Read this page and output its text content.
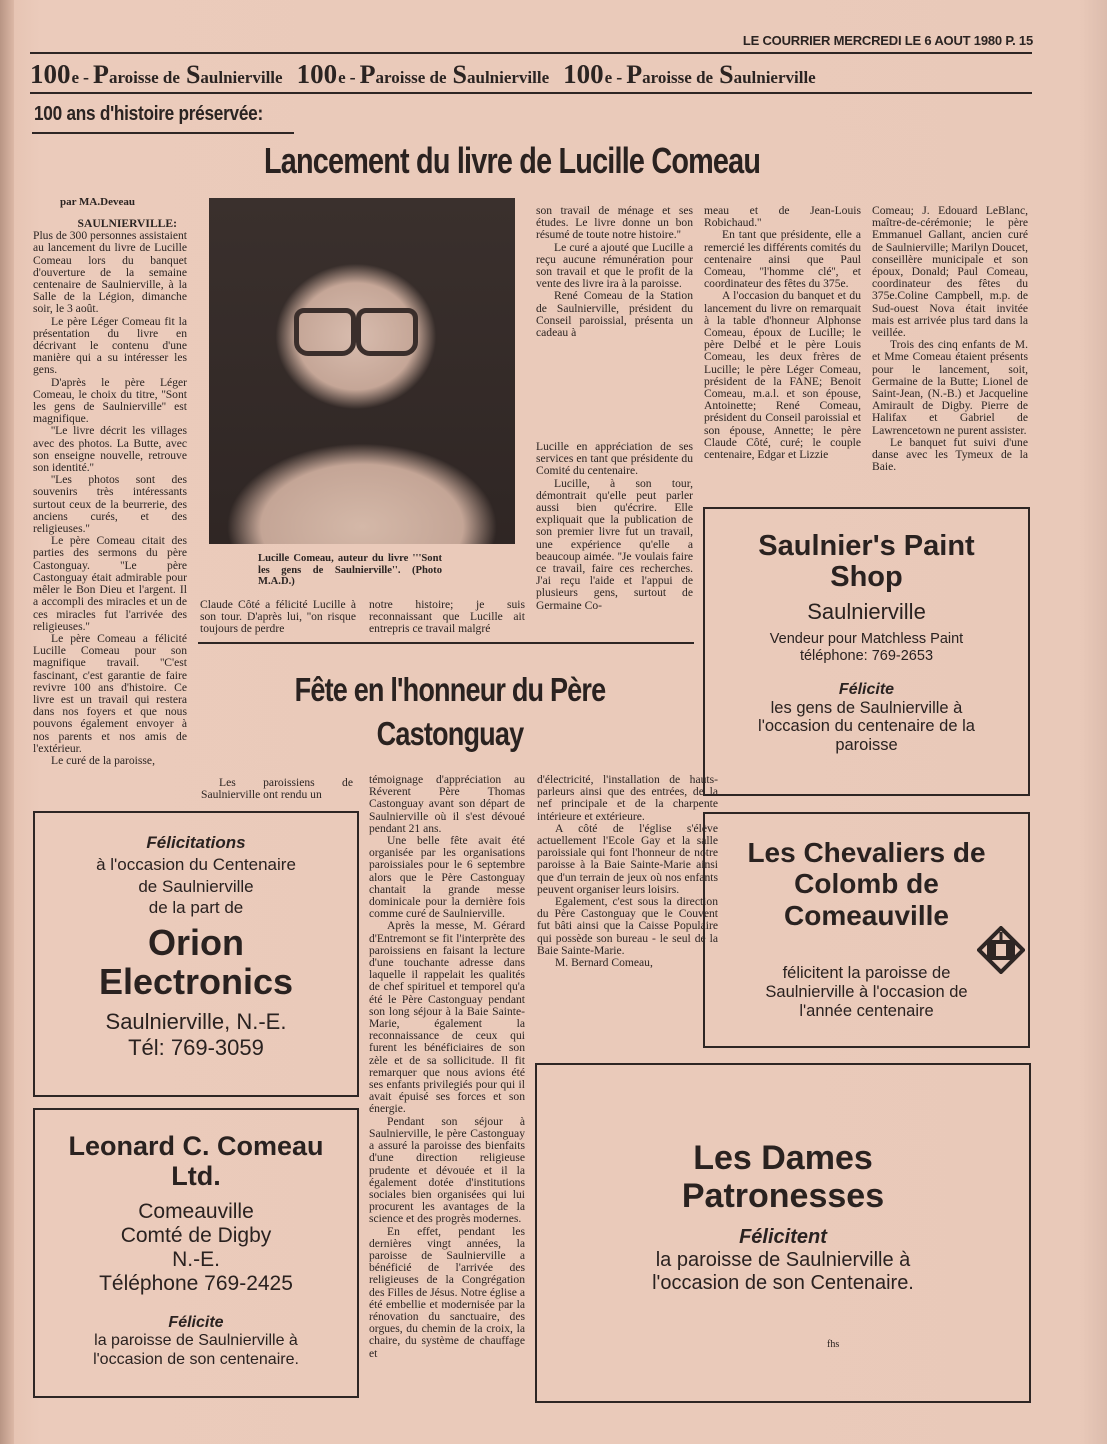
LE COURRIER MERCREDI LE 6 AOUT 1980 P. 15
100 e - P aroisse de S aulnierville 100 e - P aroisse de S aulnierville 100 e - P aroisse de S aulnierville
100 ans d'histoire préservée:
Lancement du livre de Lucille Comeau
par MA.Deveau
SAULNIERVILLE:

Plus de 300 personnes assistaient au lancement du livre de Lucille Comeau lors du banquet d'ouverture de la semaine centenaire de Saulnierville, à la Salle de la Légion, dimanche soir, le 3 août.

Le père Léger Comeau fit la présentation du livre en décrivant le contenu d'une manière qui a su intéresser les gens.

D'après le père Léger Comeau, le choix du titre, ''Sont les gens de Saulnierville'' est magnifique.

''Le livre décrit les villages avec des photos. La Butte, avec son enseigne nouvelle, retrouve son identité.''

''Les photos sont des souvenirs très intéressants surtout ceux de la beurrerie, des anciens curés, et des religieuses.''

Le père Comeau citait des parties des sermons du père Castonguay. ''Le père Castonguay était admirable pour mêler le Bon Dieu et l'argent. Il a accompli des miracles et un de ces miracles fut l'arrivée des religieuses.''

Le père Comeau a félicité Lucille Comeau pour son magnifique travail. ''C'est fascinant, c'est garantie de faire revivre 100 ans d'histoire. Ce livre est un travail qui restera dans nos foyers et que nous pouvons également envoyer à nos parents et nos amis de l'extérieur.

Le curé de la paroisse,

Lucille Comeau, auteur du livre '''Sont les gens de Saulnierville''. (Photo M.A.D.)

Claude Côté a félicité Lucille à son tour. D'après lui, ''on risque toujours de perdre

notre histoire; je suis reconnaissant que Lucille ait entrepris ce travail malgré

son travail de ménage et ses études. Le livre donne un bon résumé de toute notre histoire.''

Le curé a ajouté que Lucille a reçu aucune rémunération pour son travail et que le profit de la vente des livre ira à la paroisse.

René Comeau de la Station de Saulnierville, président du Conseil paroissial, présenta un cadeau à

Lucille en appréciation de ses services en tant que présidente du Comité du centenaire.

Lucille, à son tour, démontrait qu'elle peut parler aussi bien qu'écrire. Elle expliquait que la publication de son premier livre fut un travail, une expérience qu'elle a beaucoup aimée. ''Je voulais faire ce travail, faire ces recherches. J'ai reçu l'aide et l'appui de plusieurs gens, surtout de Germaine Co-

meau et de Jean-Louis Robichaud.''

En tant que présidente, elle a remercié les différents comités du centenaire ainsi que Paul Comeau, ''l'homme clé'', et coordinateur des fêtes du 375e.

A l'occasion du banquet et du lancement du livre on remarquait à la table d'honneur Alphonse Comeau, époux de Lucille; le père Delbé et le père Louis Comeau, les deux frères de Lucille; le père Léger Comeau, président de la FANE; Benoit Comeau, m.a.l. et son épouse, Antoinette; René Comeau, président du Conseil paroissial et son épouse, Annette; le père Claude Côté, curé; le couple centenaire, Edgar et Lizzie

Comeau; J. Edouard LeBlanc, maître-de-cérémonie; le père Emmanuel Gallant, ancien curé de Saulnierville; Marilyn Doucet, conseillère municipale et son époux, Donald; Paul Comeau, coordinateur des fêtes du 375e.Coline Campbell, m.p. de Sud-ouest Nova était invitée mais est arrivée plus tard dans la veillée.

Trois des cinq enfants de M. et Mme Comeau étaient présents pour le lancement, soit, Germaine de la Butte; Lionel de Saint-Jean, (N.-B.) et Jacqueline Amirault de Digby. Pierre de Halifax et Gabriel de Lawrencetown ne purent assister.

Le banquet fut suivi d'une danse avec les Tymeux de la Baie.

Fête en l'honneur du Père
Castonguay

Les paroissiens de Saulnierville ont rendu un

témoignage d'appréciation au Réverent Père Thomas Castonguay avant son départ de Saulnierville où il s'est dévoué pendant 21 ans.

Une belle fête avait été organisée par les organisations paroissiales pour le 6 septembre alors que le Père Castonguay chantait la grande messe dominicale pour la dernière fois comme curé de Saulnierville.

Après la messe, M. Gérard d'Entremont se fit l'interprète des paroissiens en faisant la lecture d'une touchante adresse dans laquelle il rappelait les qualités de chef spirituel et temporel qu'a été le Père Castonguay pendant son long séjour à la Baie Sainte-Marie, également la reconnaissance de ceux qui furent les bénéficiaires de son zèle et de sa sollicitude. Il fit remarquer que nous avions été ses enfants privilegiés pour qui il avait épuisé ses forces et son énergie.

Pendant son séjour à Saulnierville, le père Castonguay a assuré la paroisse des bienfaits d'une direction religieuse prudente et dévouée et il la également dotée d'institutions sociales bien organisées qui lui procurent les avantages de la science et des progrès modernes.

En effet, pendant les dernières vingt années, la paroisse de Saulnierville a bénéficié de l'arrivée des religieuses de la Congrégation des Filles de Jésus. Notre église a été embellie et modernisée par la rénovation du sanctuaire, des orgues, du chemin de la croix, la chaire, du système de chauffage et

d'électricité, l'installation de hauts-parleurs ainsi que des entrées, de la nef principale et de la charpente intérieure et extérieure.

A côté de l'église s'élève actuellement l'Ecole Gay et la salle paroissiale qui font l'honneur de notre paroisse à la Baie Sainte-Marie ainsi que d'un terrain de jeux où nos enfants peuvent organiser leurs loisirs.

Egalement, c'est sous la direction du Père Castonguay que le Couvent fut bâti ainsi que la Caisse Populaire qui possède son bureau - le seul de la Baie Sainte-Marie.

M. Bernard Comeau,

Saulnier's Paint
Shop
Saulnierville
Vendeur pour Matchless Paint
téléphone: 769-2653
Félicite
les gens de Saulnierville à
l'occasion du centenaire de la
paroisse
Félicitations
à l'occasion du Centenaire
de Saulnierville
de la part de
Orion
Electronics
Saulnierville, N.-E.
Tél: 769-3059
Les Chevaliers de
Colomb de
Comeauville
félicitent la paroisse de
Saulnierville à l'occasion de
l'année centenaire
Leonard C. Comeau
Ltd.
Comeauville
Comté de Digby
N.-E.
Téléphone 769-2425
Félicite
la paroisse de Saulnierville à
l'occasion de son centenaire.
Les Dames
Patronesses
Félicitent
la paroisse de Saulnierville à
l'occasion de son Centenaire.
fhs
